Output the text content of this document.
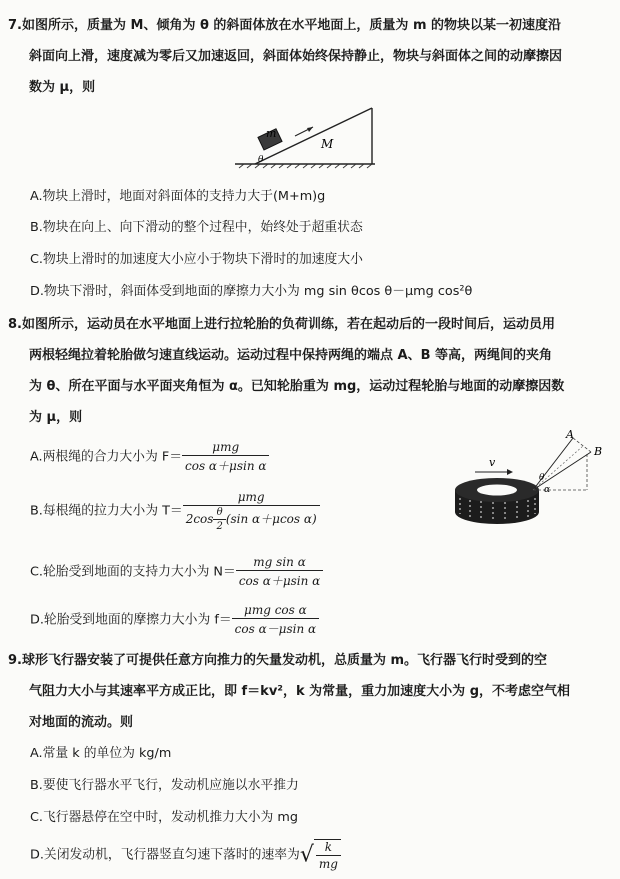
7.如图所示，质量为 M、倾角为 θ 的斜面体放在水平地面上，质量为 m 的物块以某一初速度沿
斜面向上滑，速度减为零后又加速返回，斜面体始终保持静止，物块与斜面体之间的动摩擦因
数为 μ，则
m
M
θ
A.物块上滑时，地面对斜面体的支持力大于(M+m)g
B.物块在向上、向下滑动的整个过程中，始终处于超重状态
C.物块上滑时的加速度大小应小于物块下滑时的加速度大小
D.物块下滑时，斜面体受到地面的摩擦力大小为 mg sin θcos θ－μmg cos²θ
8.如图所示，运动员在水平地面上进行拉轮胎的负荷训练，若在起动后的一段时间后，运动员用
两根轻绳拉着轮胎做匀速直线运动。运动过程中保持两绳的端点 A、B 等高，两绳间的夹角
为 θ、所在平面与水平面夹角恒为 α。已知轮胎重为 mg，运动过程轮胎与地面的动摩擦因数
为 μ，则
A.两根绳的合力大小为 $F= \frac{\text{μmg}}{\text{cos α＋μsin α}}$
B.每根绳的拉力大小为 $T= \frac{\text{μmg}}{2\cos \frac{\theta}{2} (\sin \alpha+\mu\cos \alpha)}$
C.轮胎受到地面的支持力大小为 $N= \frac{\text{mg sin α}}{\text{cos α＋μsin α}}$
D.轮胎受到地面的摩擦力大小为 $f= \frac{\text{μmg cos α}}{\text{cos α－μsin α}}$
v
A
B
θ
α
9.球形飞行器安装了可提供任意方向推力的矢量发动机，总质量为 m。飞行器飞行时受到的空
气阻力大小与其速率平方成正比，即 f＝kv²，k 为常量，重力加速度大小为 g，不考虑空气相
对地面的流动。则
A.常量 k 的单位为 kg/m
B.要使飞行器水平飞行，发动机应施以水平推力
C.飞行器悬停在空中时，发动机推力大小为 mg
D.关闭发动机，飞行器竖直匀速下落时的速率为√ $\frac{k}{mg}$
